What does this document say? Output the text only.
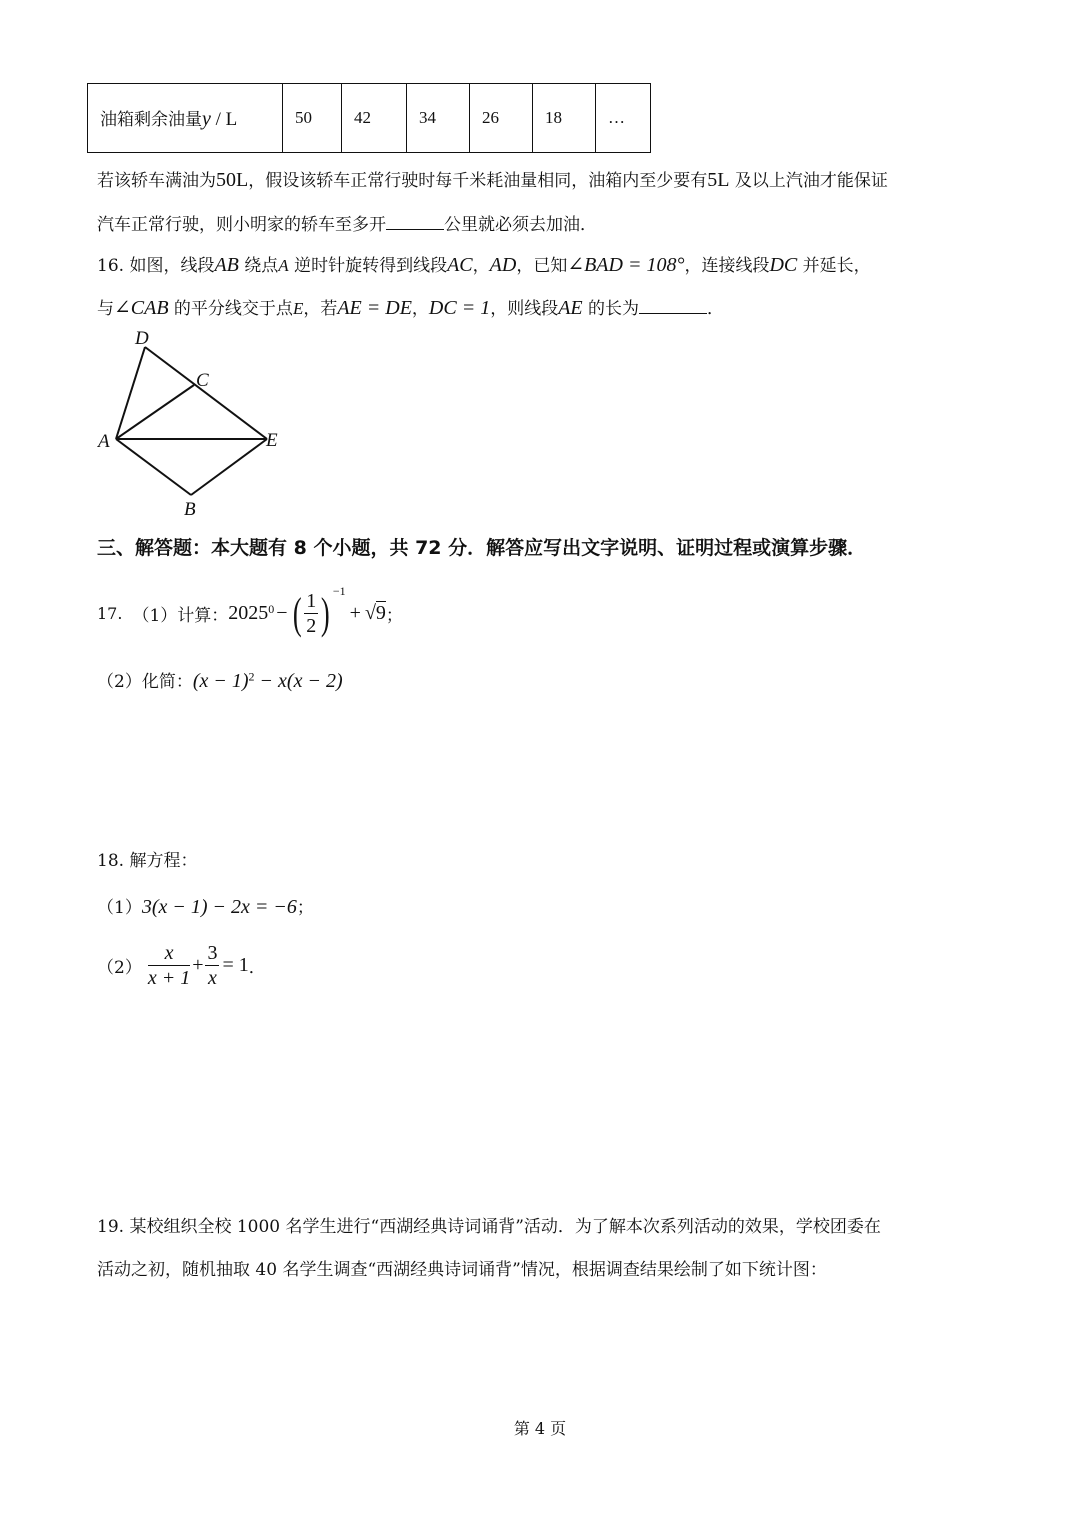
油箱剩余油量y / L	50	42	34	26	18	…
若该轿车满油为50L，假设该轿车正常行驶时每千米耗油量相同，油箱内至少要有5L 及以上汽油才能保证
汽车正常行驶，则小明家的轿车至多开	公里就必须去加油．
16. 如图，线段AB 绕点A 逆时针旋转得到线段AC，AD，已知∠BAD = 108°，连接线段DC 并延长，
与∠CAB 的平分线交于点E，若AE = DE，DC = 1，则线段AE 的长为	．
D
C
A	E
B
三、解答题：本大题有 8 个小题，共 72 分．解答应写出文字说明、证明过程或演算步骤．
17. （1）计算： $2025^0$ − ( $\frac{1}{2} )^{-1}$
+ √ 9 ；
（2）化简：$(x - 1)^2 - x(x - 2)$
18. 解方程：
（1）3(x − 1) − 2x = −6；
$(2) \frac{x}{x + 1} + \frac{3}{x} = 1$ ．
19. 某校组织全校 1000 名学生进行“西湖经典诗词诵背”活动．为了解本次系列活动的效果，学校团委在
活动之初，随机抽取 40 名学生调查“西湖经典诗词诵背”情况，根据调查结果绘制了如下统计图：
第 4 页
